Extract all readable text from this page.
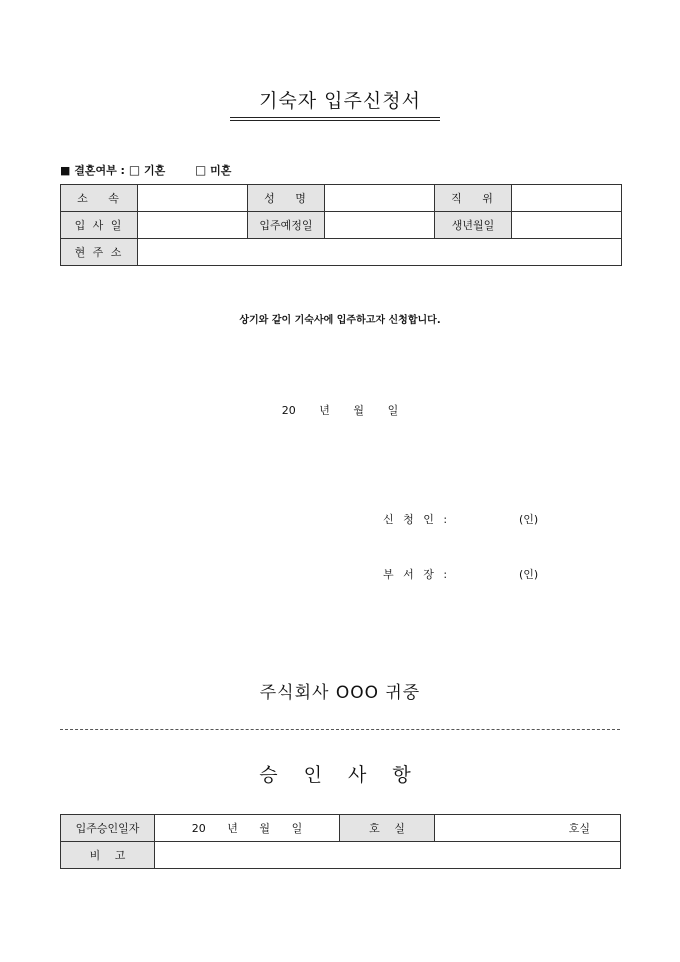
기숙자 입주신청서
■ 결혼여부 : □ 기혼 □ 미혼
소　 속		성　 명		직　 위	
입 사 일		입주예정일		생년월일	
현 주 소					
상기와 같이 기숙사에 입주하고자 신청합니다.
20 년 월 일
신 청 인 :	(인)
부 서 장 :	(인)
주식회사 OOO 귀중
승 인 사 항
입주승인일자	20 년 월 일	호　 실	호실
비　 고			
